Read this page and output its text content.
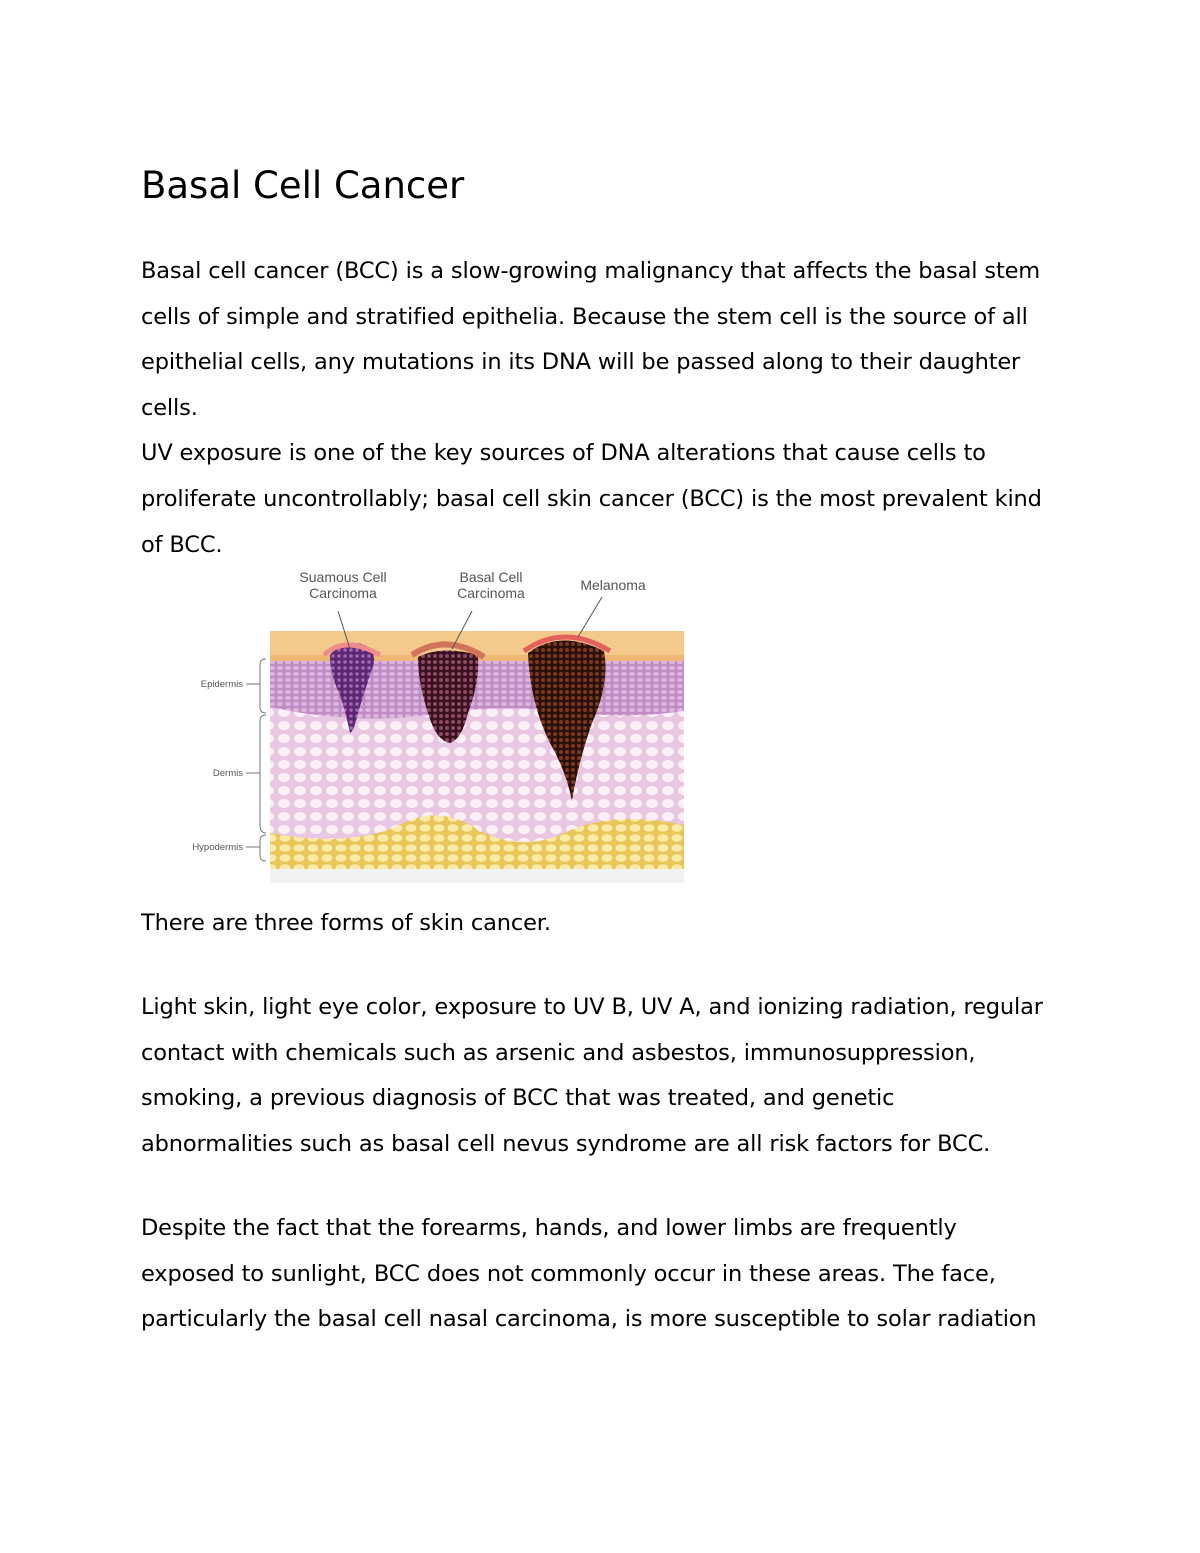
Basal Cell Cancer

Basal cell cancer (BCC) is a slow-growing malignancy that affects the basal stem
cells of simple and stratified epithelia. Because the stem cell is the source of all
epithelial cells, any mutations in its DNA will be passed along to their daughter
cells.
UV exposure is one of the key sources of DNA alterations that cause cells to
proliferate uncontrollably; basal cell skin cancer (BCC) is the most prevalent kind
of BCC.

Suamous Cell
Carcinoma
Basal Cell
Carcinoma	Melanoma
Epidermis
Dermis
Hypodermis

There are three forms of skin cancer.

Light skin, light eye color, exposure to UV B, UV A, and ionizing radiation, regular
contact with chemicals such as arsenic and asbestos, immunosuppression,
smoking, a previous diagnosis of BCC that was treated, and genetic
abnormalities such as basal cell nevus syndrome are all risk factors for BCC.

Despite the fact that the forearms, hands, and lower limbs are frequently
exposed to sunlight, BCC does not commonly occur in these areas. The face,
particularly the basal cell nasal carcinoma, is more susceptible to solar radiation
